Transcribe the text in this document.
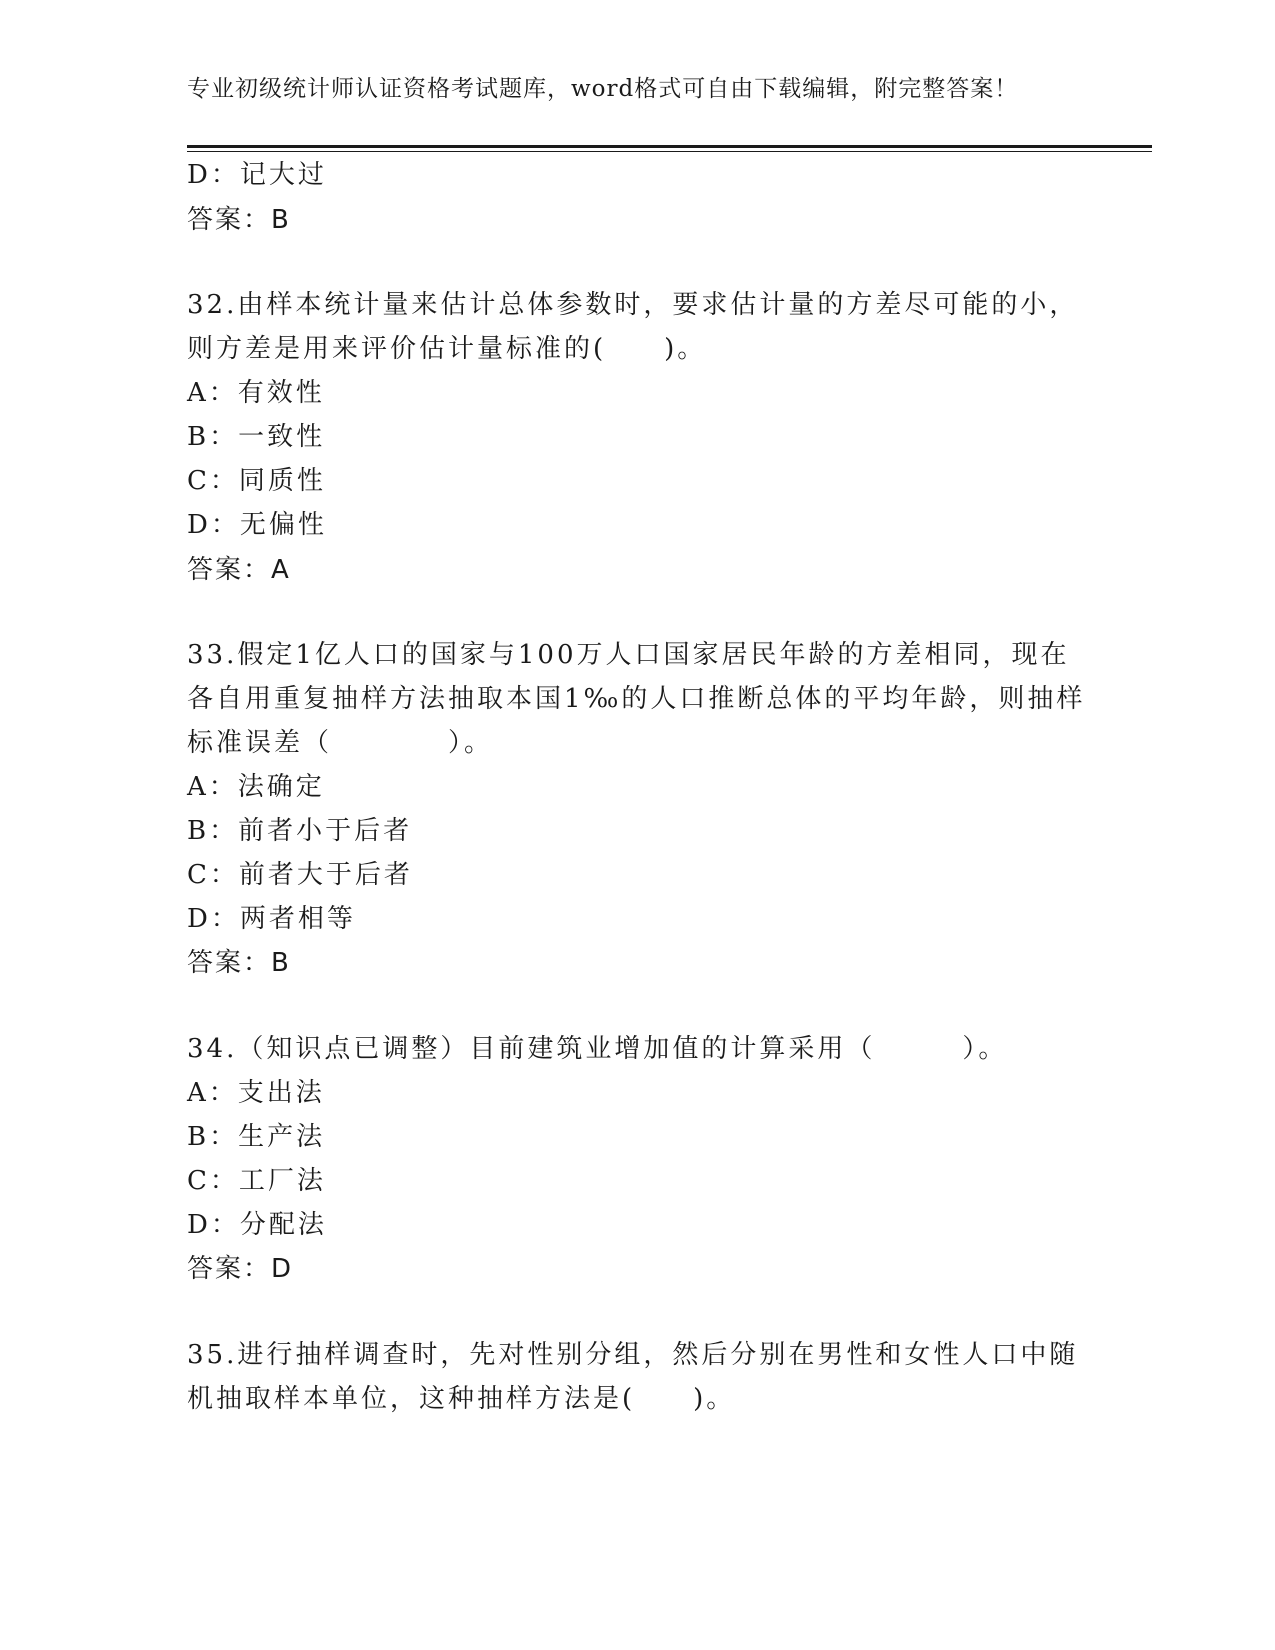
专业初级统计师认证资格考试题库，word格式可自由下载编辑，附完整答案！
D：记大过
答案：B
32.由样本统计量来估计总体参数时，要求估计量的方差尽可能的小，
则方差是用来评价估计量标准的(　　)。
A：有效性
B：一致性
C：同质性
D：无偏性
答案：A
33.假定1亿人口的国家与100万人口国家居民年龄的方差相同，现在
各自用重复抽样方法抽取本国1‰的人口推断总体的平均年龄，则抽样
标准误差（　　　　）。
A：法确定
B：前者小于后者
C：前者大于后者
D：两者相等
答案：B
34.（知识点已调整）目前建筑业增加值的计算采用（　　　）。
A：支出法
B：生产法
C：工厂法
D：分配法
答案：D
35.进行抽样调查时，先对性别分组，然后分别在男性和女性人口中随
机抽取样本单位，这种抽样方法是(　　)。
